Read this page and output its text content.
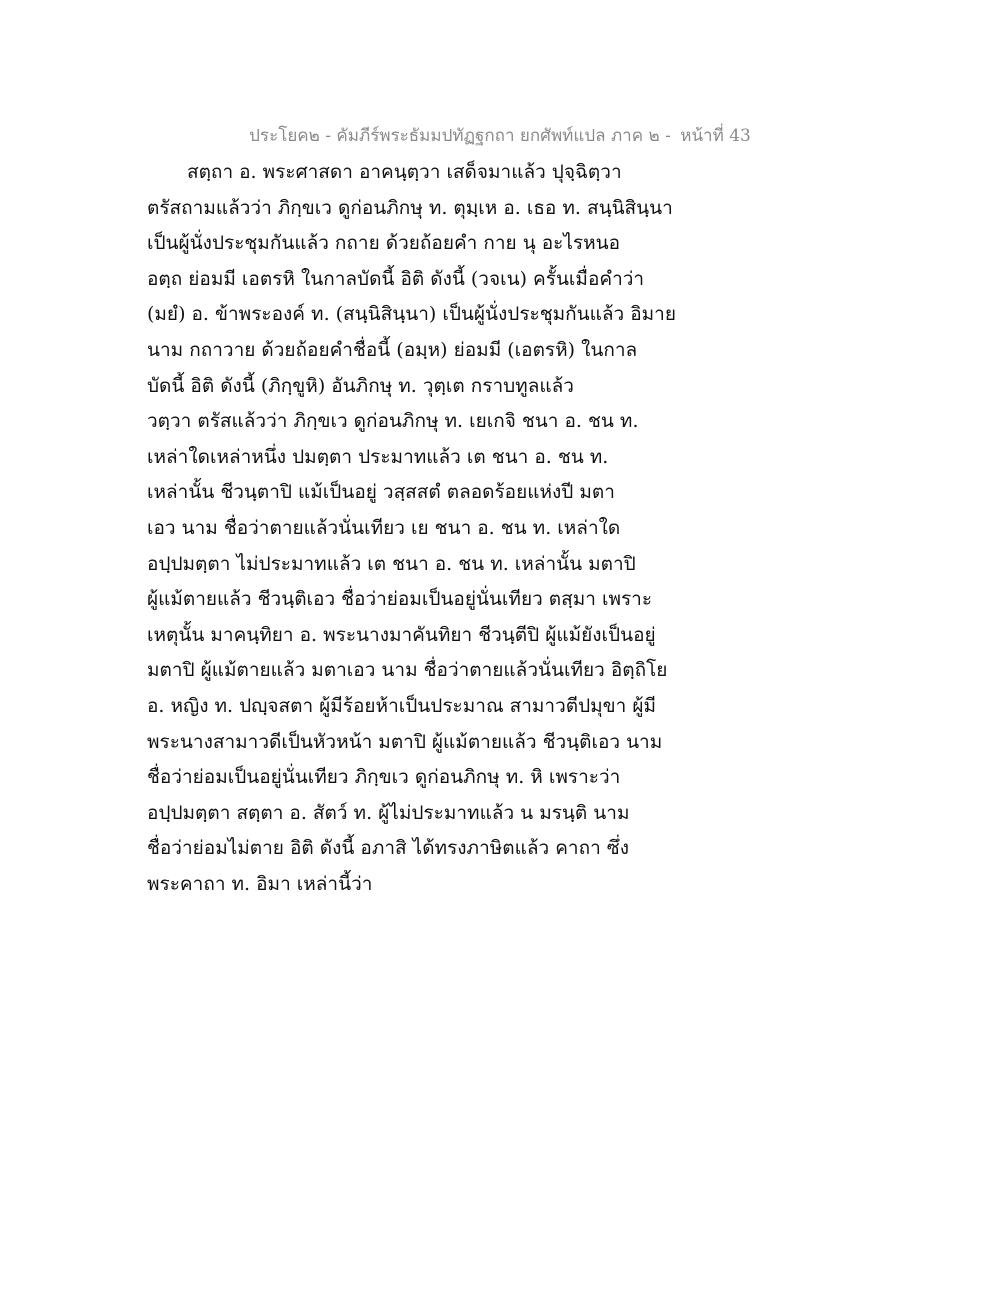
ประโยค๒ - คัมภีร์พระธัมมปทัฏฐกถา ยกศัพท์แปล ภาค ๒ - หน้าที่ 43
สตฺถา อ. พระศาสดา อาคนฺตฺวา เสด็จมาแล้ว ปุจฺฉิตฺวา
ตรัสถามแล้วว่า ภิกฺขเว ดูก่อนภิกษุ ท. ตุมฺเห อ. เธอ ท. สนฺนิสินฺนา
เป็นผู้นั่งประชุมกันแล้ว กถาย ด้วยถ้อยคำ กาย นุ อะไรหนอ
อตฺถ ย่อมมี เอตรหิ ในกาลบัดนี้ อิติ ดังนี้ (วจเน) ครั้นเมื่อคำว่า
(มยํ) อ. ข้าพระองค์ ท. (สนฺนิสินฺนา) เป็นผู้นั่งประชุมกันแล้ว อิมาย
นาม กถาวาย ด้วยถ้อยคำชื่อนี้ (อมฺห) ย่อมมี (เอตรหิ) ในกาล
บัดนี้ อิติ ดังนี้ (ภิกฺขูหิ) อันภิกษุ ท. วุตฺเต กราบทูลแล้ว
วตฺวา ตรัสแล้วว่า ภิกฺขเว ดูก่อนภิกษุ ท. เยเกจิ ชนา อ. ชน ท.
เหล่าใดเหล่าหนึ่ง ปมตฺตา ประมาทแล้ว เต ชนา อ. ชน ท.
เหล่านั้น ชีวนฺตาปิ แม้เป็นอยู่ วสฺสสตํ ตลอดร้อยแห่งปี มตา
เอว นาม ชื่อว่าตายแล้วนั่นเทียว เย ชนา อ. ชน ท. เหล่าใด
อปฺปมตฺตา ไม่ประมาทแล้ว เต ชนา อ. ชน ท. เหล่านั้น มตาปิ
ผู้แม้ตายแล้ว ชีวนฺติเอว ชื่อว่าย่อมเป็นอยู่นั่นเทียว ตสฺมา เพราะ
เหตุนั้น มาคนฺทิยา อ. พระนางมาคันทิยา ชีวนฺตีปิ ผู้แม้ยังเป็นอยู่
มตาปิ ผู้แม้ตายแล้ว มตาเอว นาม ชื่อว่าตายแล้วนั่นเทียว อิตฺถิโย
อ. หญิง ท. ปญฺจสตา ผู้มีร้อยห้าเป็นประมาณ สามาวตีปมุขา ผู้มี
พระนางสามาวดีเป็นหัวหน้า มตาปิ ผู้แม้ตายแล้ว ชีวนฺติเอว นาม
ชื่อว่าย่อมเป็นอยู่นั่นเทียว ภิกฺขเว ดูก่อนภิกษุ ท. หิ เพราะว่า
อปฺปมตฺตา สตฺตา อ. สัตว์ ท. ผู้ไม่ประมาทแล้ว น มรนฺติ นาม
ชื่อว่าย่อมไม่ตาย อิติ ดังนี้ อภาสิ ได้ทรงภาษิตแล้ว คาถา ซึ่ง
พระคาถา ท. อิมา เหล่านี้ว่า
